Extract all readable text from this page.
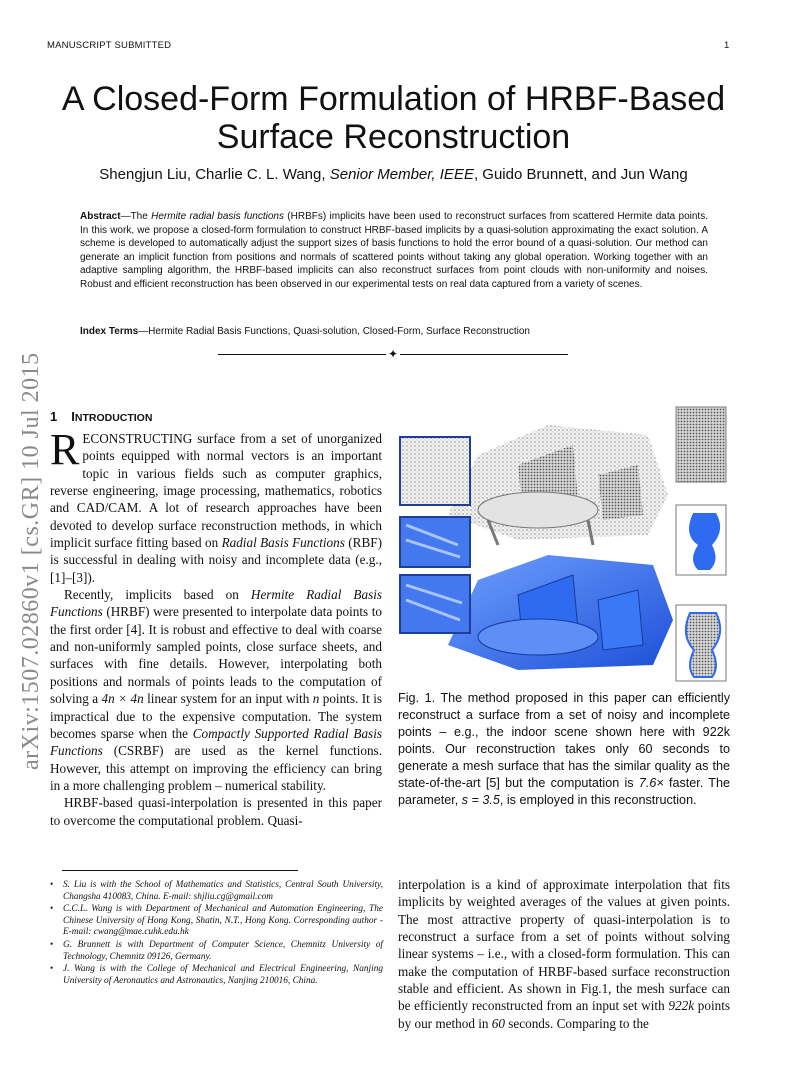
MANUSCRIPT SUBMITTED	1
A Closed-Form Formulation of HRBF-Based
Surface Reconstruction
Shengjun Liu, Charlie C. L. Wang, Senior Member, IEEE, Guido Brunnett, and Jun Wang
Abstract—The Hermite radial basis functions (HRBFs) implicits have been used to reconstruct surfaces from scattered Hermite data points. In this work, we propose a closed-form formulation to construct HRBF-based implicits by a quasi-solution approximating the exact solution. A scheme is developed to automatically adjust the support sizes of basis functions to hold the error bound of a quasi-solution. Our method can generate an implicit function from positions and normals of scattered points without taking any global operation. Working together with an adaptive sampling algorithm, the HRBF-based implicits can also reconstruct surfaces from point clouds with non-uniformity and noises. Robust and efficient reconstruction has been observed in our experimental tests on real data captured from a variety of scenes.
Index Terms—Hermite Radial Basis Functions, Quasi-solution, Closed-Form, Surface Reconstruction
✦
arXiv:1507.02860v1 [cs.GR] 10 Jul 2015 1 INTRODUCTION

RECONSTRUCTING surface from a set of unorganized points equipped with normal vectors is an important topic in various fields such as computer graphics, reverse engineering, image processing, mathematics, robotics and CAD/CAM. A lot of research approaches have been devoted to develop surface reconstruction methods, in which implicit surface fitting based on Radial Basis Functions (RBF) is successful in dealing with noisy and incomplete data (e.g., [1]–[3]).

Recently, implicits based on Hermite Radial Basis Functions (HRBF) were presented to interpolate data points to the first order [4]. It is robust and effective to deal with coarse and non-uniformly sampled points, close surface sheets, and surfaces with fine details. However, interpolating both positions and normals of points leads to the computation of solving a 4n × 4n linear system for an input with n points. It is impractical due to the expensive computation. The system becomes sparse when the Compactly Supported Radial Basis Functions (CSRBF) are used as the kernel functions. However, this attempt on improving the efficiency can bring in a more challenging problem – numerical stability.

HRBF-based quasi-interpolation is presented in this paper to overcome the computational problem. Quasi-

Fig. 1. The method proposed in this paper can efficiently reconstruct a surface from a set of noisy and incomplete points – e.g., the indoor scene shown here with 922k points. Our reconstruction takes only 60 seconds to generate a mesh surface that has the similar quality as the state-of-the-art [5] but the computation is 7.6× faster. The parameter, s = 3.5, is employed in this reconstruction.
• S. Liu is with the School of Mathematics and Statistics, Central South University, Changsha 410083, China. E-mail: shjliu.cg@gmail.com
• C.C.L. Wang is with Department of Mechanical and Automation Engineering, The Chinese University of Hong Kong, Shatin, N.T., Hong Kong. Corresponding author - E-mail: cwang@mae.cuhk.edu.hk
• G. Brunnett is with Department of Computer Science, Chemnitz University of Technology, Chemnitz 09126, Germany.
• J. Wang is with the College of Mechanical and Electrical Engineering, Nanjing University of Aeronautics and Astronautics, Nanjing 210016, China.

interpolation is a kind of approximate interpolation that fits implicits by weighted averages of the values at given points. The most attractive property of quasi-interpolation is to reconstruct a surface from a set of points without solving linear systems – i.e., with a closed-form formulation. This can make the computation of HRBF-based surface reconstruction stable and efficient. As shown in Fig.1, the mesh surface can be efficiently reconstructed from an input set with 922k points by our method in 60 seconds. Comparing to the
